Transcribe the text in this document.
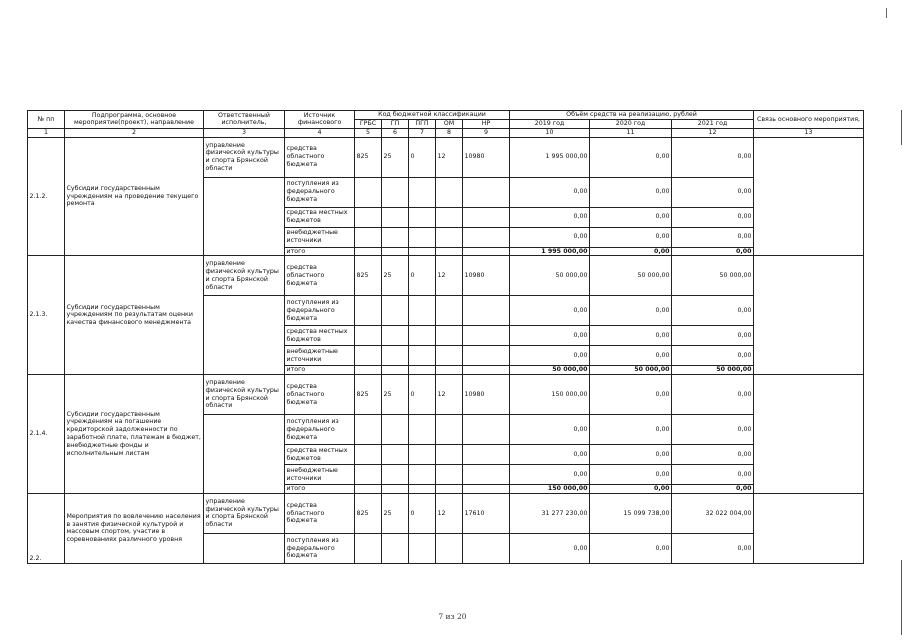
№ пп	Подпрограмма, основное мероприятие(проект), направление	Ответственный исполнитель,	Источник финансового	Код бюджетной классификации					Объём средств на реализацию, рублей			Связь основного мероприятия,
				ГРБС	ГП	ПГП	ОМ	НР	2019 год	2020 год	2021 год	
1	2	3	4	5	6	7	8	9	10	11	12	13
2.1.2.	Субсидии государственным учреждениям на проведение текущего ремонта	управление физической культуры и спорта Брянской области	средства областного бюджета	825	25	0	12	10980	1 995 000,00	0,00	0,00	
			поступления из федерального бюджета						0,00	0,00	0,00	
			средства местных бюджетов						0,00	0,00	0,00	
			внебюджетные источники						0,00	0,00	0,00	
			итого						1 995 000,00	0,00	0,00	

2.1.3.	Субсидии государственным учреждениям по результатам оценки качества финансового менеджмента	управление физической культуры и спорта Брянской области	средства областного бюджета	825	25	0	12	10980	50 000,00	50 000,00	50 000,00	
			поступления из федерального бюджета						0,00	0,00	0,00	
			средства местных бюджетов						0,00	0,00	0,00	
			внебюджетные источники						0,00	0,00	0,00	
			итого						50 000,00	50 000,00	50 000,00	

2.1.4.	Субсидии государственным учреждениям на погашение кредиторской задолженности по заработной плате, платежам в бюджет, внебюджетные фонды и исполнительным листам	управление физической культуры и спорта Брянской области	средства областного бюджета	825	25	0	12	10980	150 000,00	0,00	0,00	
			поступления из федерального бюджета						0,00	0,00	0,00	
			средства местных бюджетов						0,00	0,00	0,00	
			внебюджетные источники						0,00	0,00	0,00	
			итого						150 000,00	0,00	0,00	

2.2.	Мероприятия по вовлечению населения в занятия физической культурой и массовым спортом, участие в соревнованиях различного уровня	управление физической культуры и спорта Брянской области	средства областного бюджета	825	25	0	12	17610	31 277 230,00	15 099 738,00	32 022 004,00	
			поступления из федерального бюджета						0,00	0,00	0,00	
7 из 20
